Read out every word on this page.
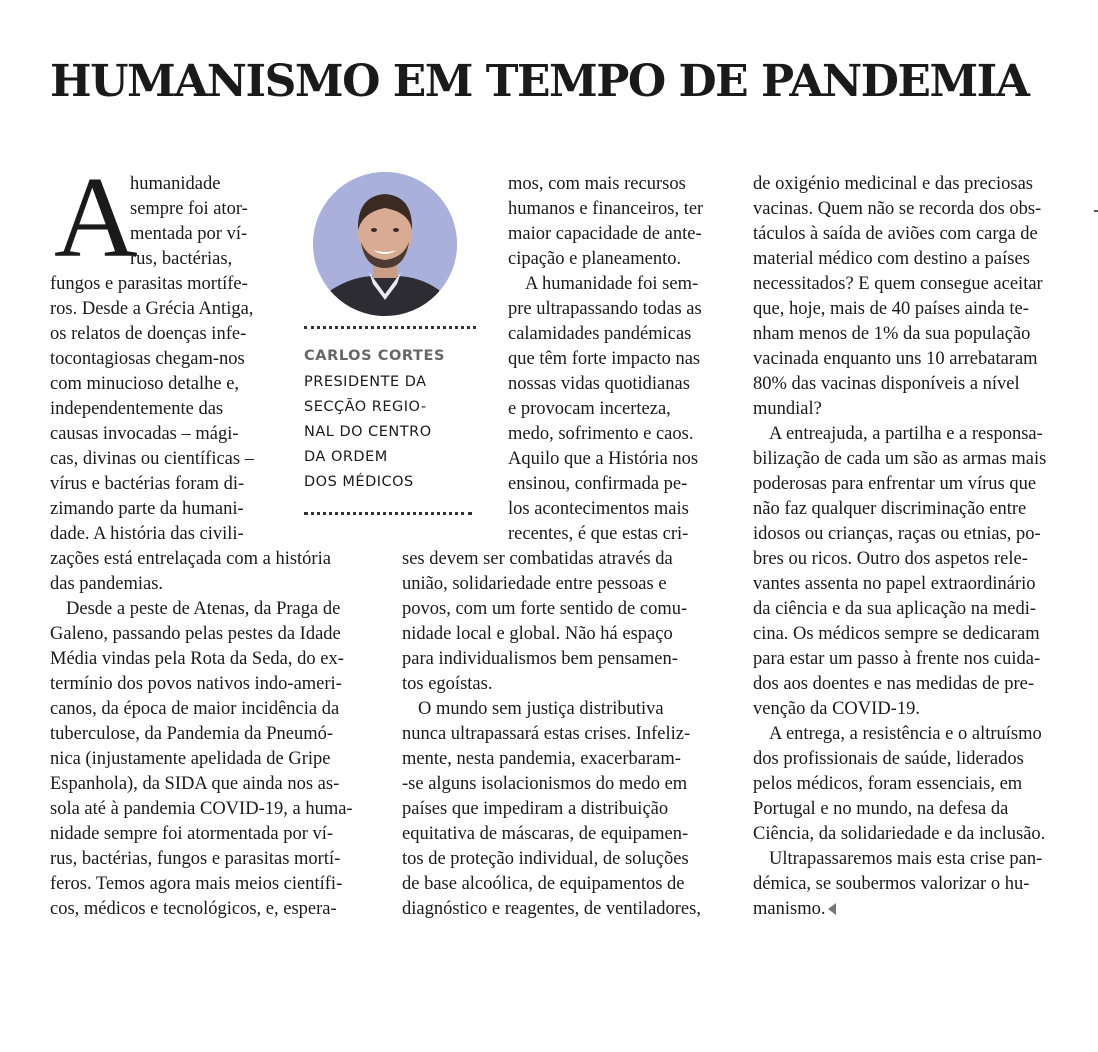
HUMANISMO EM TEMPO DE PANDEMIA
A
CARLOS CORTES
PRESIDENTE DA
SECÇÃO REGIO-
NAL DO CENTRO
DA ORDEM
DOS MÉDICOS
humanidade
sempre foi ator-
mentada por ví-
rus, bactérias,
fungos e parasitas mortífe-
ros. Desde a Grécia Antiga,
os relatos de doenças infe-
tocontagiosas chegam-nos
com minucioso detalhe e,
independentemente das
causas invocadas – mági-
cas, divinas ou científicas –
vírus e bactérias foram di-
zimando parte da humani-
dade. A história das civili-
zações está entrelaçada com a história
das pandemias.
Desde a peste de Atenas, da Praga de
Galeno, passando pelas pestes da Idade
Média vindas pela Rota da Seda, do ex-
termínio dos povos nativos indo-ameri-
canos, da época de maior incidência da
tuberculose, da Pandemia da Pneumó-
nica (injustamente apelidada de Gripe
Espanhola), da SIDA que ainda nos as-
sola até à pandemia COVID-19, a huma-
nidade sempre foi atormentada por ví-
rus, bactérias, fungos e parasitas mortí-
feros. Temos agora mais meios científi-
cos, médicos e tecnológicos, e, espera-
mos, com mais recursos
humanos e financeiros, ter
maior capacidade de ante-
cipação e planeamento.
A humanidade foi sem-
pre ultrapassando todas as
calamidades pandémicas
que têm forte impacto nas
nossas vidas quotidianas
e provocam incerteza,
medo, sofrimento e caos.
Aquilo que a História nos
ensinou, confirmada pe-
los acontecimentos mais
recentes, é que estas cri-
ses devem ser combatidas através da
união, solidariedade entre pessoas e
povos, com um forte sentido de comu-
nidade local e global. Não há espaço
para individualismos bem pensamen-
tos egoístas.
O mundo sem justiça distributiva
nunca ultrapassará estas crises. Infeliz-
mente, nesta pandemia, exacerbaram-
-se alguns isolacionismos do medo em
países que impediram a distribuição
equitativa de máscaras, de equipamen-
tos de proteção individual, de soluções
de base alcoólica, de equipamentos de
diagnóstico e reagentes, de ventiladores,
de oxigénio medicinal e das preciosas
vacinas. Quem não se recorda dos obs-
táculos à saída de aviões com carga de
material médico com destino a países
necessitados? E quem consegue aceitar
que, hoje, mais de 40 países ainda te-
nham menos de 1% da sua população
vacinada enquanto uns 10 arrebataram
80% das vacinas disponíveis a nível
mundial?
A entreajuda, a partilha e a responsa-
bilização de cada um são as armas mais
poderosas para enfrentar um vírus que
não faz qualquer discriminação entre
idosos ou crianças, raças ou etnias, po-
bres ou ricos. Outro dos aspetos rele-
vantes assenta no papel extraordinário
da ciência e da sua aplicação na medi-
cina. Os médicos sempre se dedicaram
para estar um passo à frente nos cuida-
dos aos doentes e nas medidas de pre-
venção da COVID-19.
A entrega, a resistência e o altruísmo
dos profissionais de saúde, liderados
pelos médicos, foram essenciais, em
Portugal e no mundo, na defesa da
Ciência, da solidariedade e da inclusão.
Ultrapassaremos mais esta crise pan-
démica, se soubermos valorizar o hu-
manismo.
